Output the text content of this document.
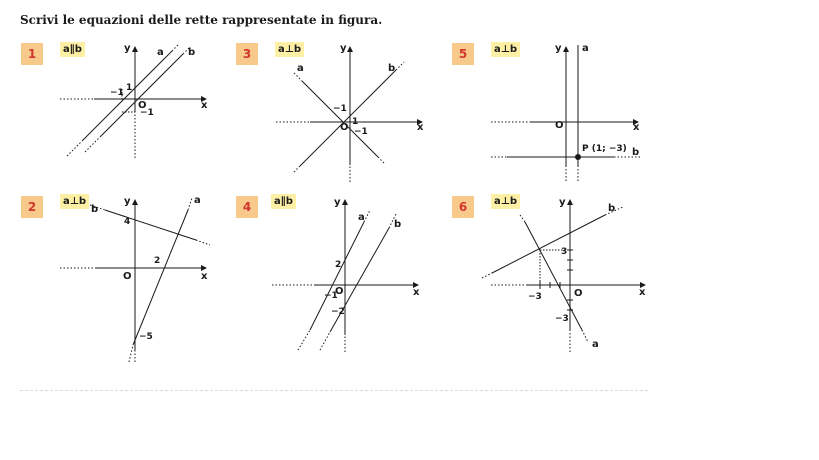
Scrivi le equazioni delle rette rappresentate in figura.
1	3	5
2	4	6
a∥b	a⊥b	a⊥b
a⊥b	a∥b	a⊥b
y
x
O
a b
−1 1
−1
y
x
O
a	b
−1
1
−1
y
x
O
a
b
P (1; −3)
y
x
O
a
b
4
2
−5
y
x
O
a
b
2
−1
−2
y
x
O
a
b
3
−3
−3
